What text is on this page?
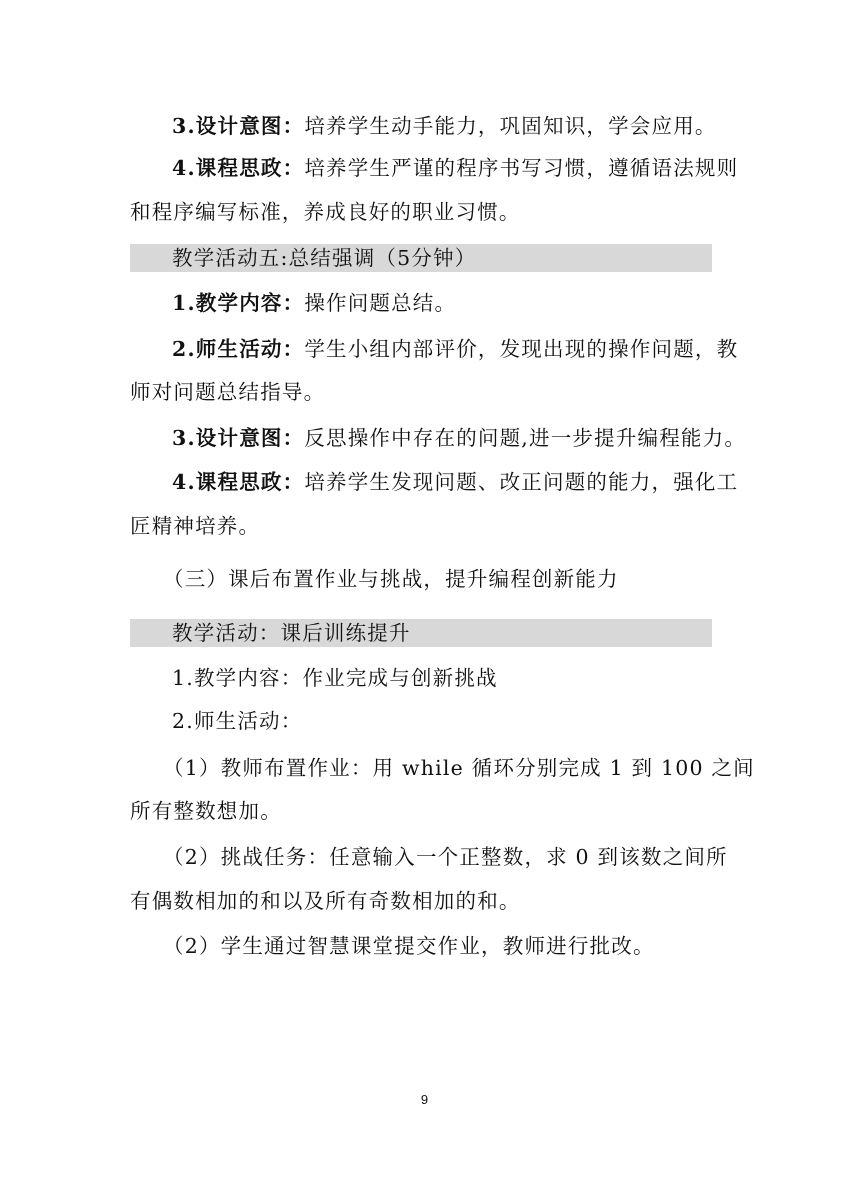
3.设计意图：培养学生动手能力，巩固知识，学会应用。
4.课程思政：培养学生严谨的程序书写习惯，遵循语法规则
和程序编写标准，养成良好的职业习惯。
教学活动五:总结强调（5分钟）
1.教学内容：操作问题总结。
2.师生活动：学生小组内部评价，发现出现的操作问题，教
师对问题总结指导。
3.设计意图：反思操作中存在的问题,进一步提升编程能力。
4.课程思政：培养学生发现问题、改正问题的能力，强化工
匠精神培养。
（三）课后布置作业与挑战，提升编程创新能力
教学活动：课后训练提升
1.教学内容：作业完成与创新挑战
2.师生活动：
（1）教师布置作业：用 while 循环分别完成 1 到 100 之间
所有整数想加。
（2）挑战任务：任意输入一个正整数，求 0 到该数之间所
有偶数相加的和以及所有奇数相加的和。
（2）学生通过智慧课堂提交作业，教师进行批改。
9
